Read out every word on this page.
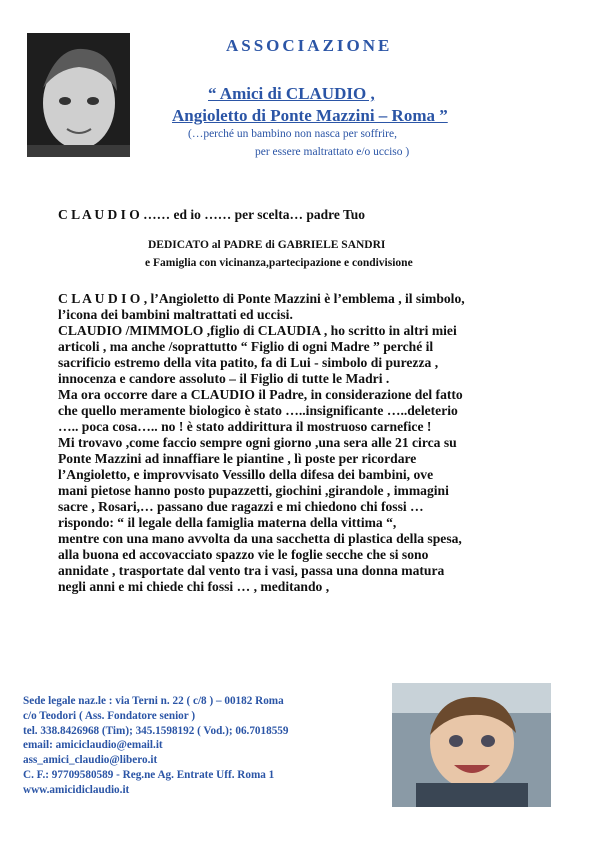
ASSOCIAZIONE
“ Amici di CLAUDIO ,
Angioletto di Ponte Mazzini – Roma ”
(…perché un bambino non nasca per soffrire,
per essere maltrattato e/o ucciso )
C L A U D I O …… ed io …… per scelta… padre Tuo
DEDICATO al PADRE di GABRIELE SANDRI
e Famiglia con vicinanza,partecipazione e condivisione
C L A U D I O , l’Angioletto di Ponte Mazzini è l’emblema , il simbolo,
l’icona dei bambini maltrattati ed uccisi.
CLAUDIO /MIMMOLO ,figlio di CLAUDIA , ho scritto in altri miei
articoli , ma anche /soprattutto “ Figlio di ogni Madre ” perché il
sacrificio estremo della vita patito, fa di Lui - simbolo di purezza ,
innocenza e candore assoluto – il Figlio di tutte le Madri .
Ma ora occorre dare a CLAUDIO il Padre, in considerazione del fatto
che quello meramente biologico è stato …..insignificante …..deleterio
….. poca cosa….. no ! è stato addirittura il mostruoso carnefice !
Mi trovavo ,come faccio sempre ogni giorno ,una sera alle 21 circa su
Ponte Mazzini ad innaffiare le piantine , lì poste per ricordare
l’Angioletto, e improvvisato Vessillo della difesa dei bambini, ove
mani pietose hanno posto pupazzetti, giochini ,girandole , immagini
sacre , Rosari,… passano due ragazzi e mi chiedono chi fossi …
rispondo: “ il legale della famiglia materna della vittima “,
mentre con una mano avvolta da una sacchetta di plastica della spesa,
alla buona ed accovacciato spazzo vie le foglie secche che si sono
annidate , trasportate dal vento tra i vasi, passa una donna matura
negli anni e mi chiede chi fossi … , meditando ,
Sede legale naz.le : via Terni n. 22 ( c/8 ) – 00182 Roma
c/o Teodori ( Ass. Fondatore senior )
tel. 338.8426968 (Tim); 345.1598192 ( Vod.); 06.7018559
email: amiciclaudio@email.it
ass_amici_claudio@libero.it
C. F.: 97709580589 - Reg.ne Ag. Entrate Uff. Roma 1
www.amicidiclaudio.it
